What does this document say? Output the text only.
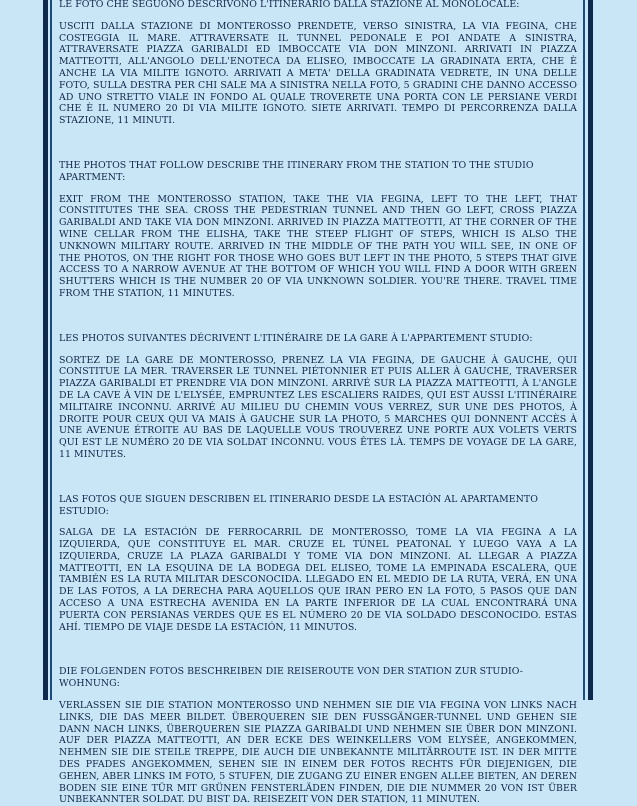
LE FOTO CHE SEGUONO DESCRIVONO L'ITINERARIO DALLA STAZIONE AL MONOLOCALE:

USCITI DALLA STAZIONE DI MONTEROSSO PRENDETE, VERSO SINISTRA, LA VIA FEGINA, CHE COSTEGGIA IL MARE. ATTRAVERSATE IL TUNNEL PEDONALE E POI ANDATE A SINISTRA, ATTRAVERSATE PIAZZA GARIBALDI ED IMBOCCATE VIA DON MINZONI. ARRIVATI IN PIAZZA MATTEOTTI, ALL'ANGOLO DELL'ENOTECA DA ELISEO, IMBOCCATE LA GRADINATA ERTA, CHE È ANCHE LA VIA MILITE IGNOTO. ARRIVATI A META' DELLA GRADINATA VEDRETE, IN UNA DELLE FOTO, SULLA DESTRA PER CHI SALE MA A SINISTRA NELLA FOTO, 5 GRADINI CHE DANNO ACCESSO AD UNO STRETTO VIALE IN FONDO AL QUALE TROVERETE UNA PORTA CON LE PERSIANE VERDI CHE È IL NUMERO 20 DI VIA MILITE IGNOTO. SIETE ARRIVATI. TEMPO DI PERCORRENZA DALLA STAZIONE, 11 MINUTI.

THE PHOTOS THAT FOLLOW DESCRIBE THE ITINERARY FROM THE STATION TO THE STUDIO APARTMENT:

EXIT FROM THE MONTEROSSO STATION, TAKE THE VIA FEGINA, LEFT TO THE LEFT, THAT CONSTITUTES THE SEA. CROSS THE PEDESTRIAN TUNNEL AND THEN GO LEFT, CROSS PIAZZA GARIBALDI AND TAKE VIA DON MINZONI. ARRIVED IN PIAZZA MATTEOTTI, AT THE CORNER OF THE WINE CELLAR FROM THE ELISHA, TAKE THE STEEP FLIGHT OF STEPS, WHICH IS ALSO THE UNKNOWN MILITARY ROUTE. ARRIVED IN THE MIDDLE OF THE PATH YOU WILL SEE, IN ONE OF THE PHOTOS, ON THE RIGHT FOR THOSE WHO GOES BUT LEFT IN THE PHOTO, 5 STEPS THAT GIVE ACCESS TO A NARROW AVENUE AT THE BOTTOM OF WHICH YOU WILL FIND A DOOR WITH GREEN SHUTTERS WHICH IS THE NUMBER 20 OF VIA UNKNOWN SOLDIER. YOU'RE THERE. TRAVEL TIME FROM THE STATION, 11 MINUTES.

LES PHOTOS SUIVANTES DÉCRIVENT L'ITINÉRAIRE DE LA GARE À L'APPARTEMENT STUDIO:

SORTEZ DE LA GARE DE MONTEROSSO, PRENEZ LA VIA FEGINA, DE GAUCHE À GAUCHE, QUI CONSTITUE LA MER. TRAVERSER LE TUNNEL PIÉTONNIER ET PUIS ALLER À GAUCHE, TRAVERSER PIAZZA GARIBALDI ET PRENDRE VIA DON MINZONI. ARRIVÉ SUR LA PIAZZA MATTEOTTI, À L'ANGLE DE LA CAVE À VIN DE L'ELYSÉE, EMPRUNTEZ LES ESCALIERS RAIDES, QUI EST AUSSI L'ITINÉRAIRE MILITAIRE INCONNU. ARRIVÉ AU MILIEU DU CHEMIN VOUS VERREZ, SUR UNE DES PHOTOS, À DROITE POUR CEUX QUI VA MAIS À GAUCHE SUR LA PHOTO, 5 MARCHES QUI DONNENT ACCÈS À UNE AVENUE ÉTROITE AU BAS DE LAQUELLE VOUS TROUVEREZ UNE PORTE AUX VOLETS VERTS QUI EST LE NUMÉRO 20 DE VIA SOLDAT INCONNU. VOUS ÊTES LÀ. TEMPS DE VOYAGE DE LA GARE, 11 MINUTES.

LAS FOTOS QUE SIGUEN DESCRIBEN EL ITINERARIO DESDE LA ESTACIÓN AL APARTAMENTO ESTUDIO:

SALGA DE LA ESTACIÓN DE FERROCARRIL DE MONTEROSSO, TOME LA VIA FEGINA A LA IZQUIERDA, QUE CONSTITUYE EL MAR. CRUZE EL TÚNEL PEATONAL Y LUEGO VAYA A LA IZQUIERDA, CRUZE LA PLAZA GARIBALDI Y TOME VIA DON MINZONI. AL LLEGAR A PIAZZA MATTEOTTI, EN LA ESQUINA DE LA BODEGA DEL ELISEO, TOME LA EMPINADA ESCALERA, QUE TAMBIÉN ES LA RUTA MILITAR DESCONOCIDA. LLEGADO EN EL MEDIO DE LA RUTA, VERÁ, EN UNA DE LAS FOTOS, A LA DERECHA PARA AQUELLOS QUE IRAN PERO EN LA FOTO, 5 PASOS QUE DAN ACCESO A UNA ESTRECHA AVENIDA EN LA PARTE INFERIOR DE LA CUAL ENCONTRARÁ UNA PUERTA CON PERSIANAS VERDES QUE ES EL NÚMERO 20 DE VIA SOLDADO DESCONOCIDO. ESTAS AHÍ. TIEMPO DE VIAJE DESDE LA ESTACIÓN, 11 MINUTOS.

DIE FOLGENDEN FOTOS BESCHREIBEN DIE REISEROUTE VON DER STATION ZUR STUDIO-WOHNUNG:

VERLASSEN SIE DIE STATION MONTEROSSO UND NEHMEN SIE DIE VIA FEGINA VON LINKS NACH LINKS, DIE DAS MEER BILDET. ÜBERQUEREN SIE DEN FUSSGÄNGER-TUNNEL UND GEHEN SIE DANN NACH LINKS, ÜBERQUEREN SIE PIAZZA GARIBALDI UND NEHMEN SIE ÜBER DON MINZONI. AUF DER PIAZZA MATTEOTTI, AN DER ECKE DES WEINKELLERS VOM ELYSÉE, ANGEKOMMEN, NEHMEN SIE DIE STEILE TREPPE, DIE AUCH DIE UNBEKANNTE MILITÄRROUTE IST. IN DER MITTE DES PFADES ANGEKOMMEN, SEHEN SIE IN EINEM DER FOTOS RECHTS FÜR DIEJENIGEN, DIE GEHEN, ABER LINKS IM FOTO, 5 STUFEN, DIE ZUGANG ZU EINER ENGEN ALLEE BIETEN, AN DEREN BODEN SIE EINE TÜR MIT GRÜNEN FENSTERLÄDEN FINDEN, DIE DIE NUMMER 20 VON IST ÜBER UNBEKANNTER SOLDAT. DU BIST DA. REISEZEIT VON DER STATION, 11 MINUTEN.
